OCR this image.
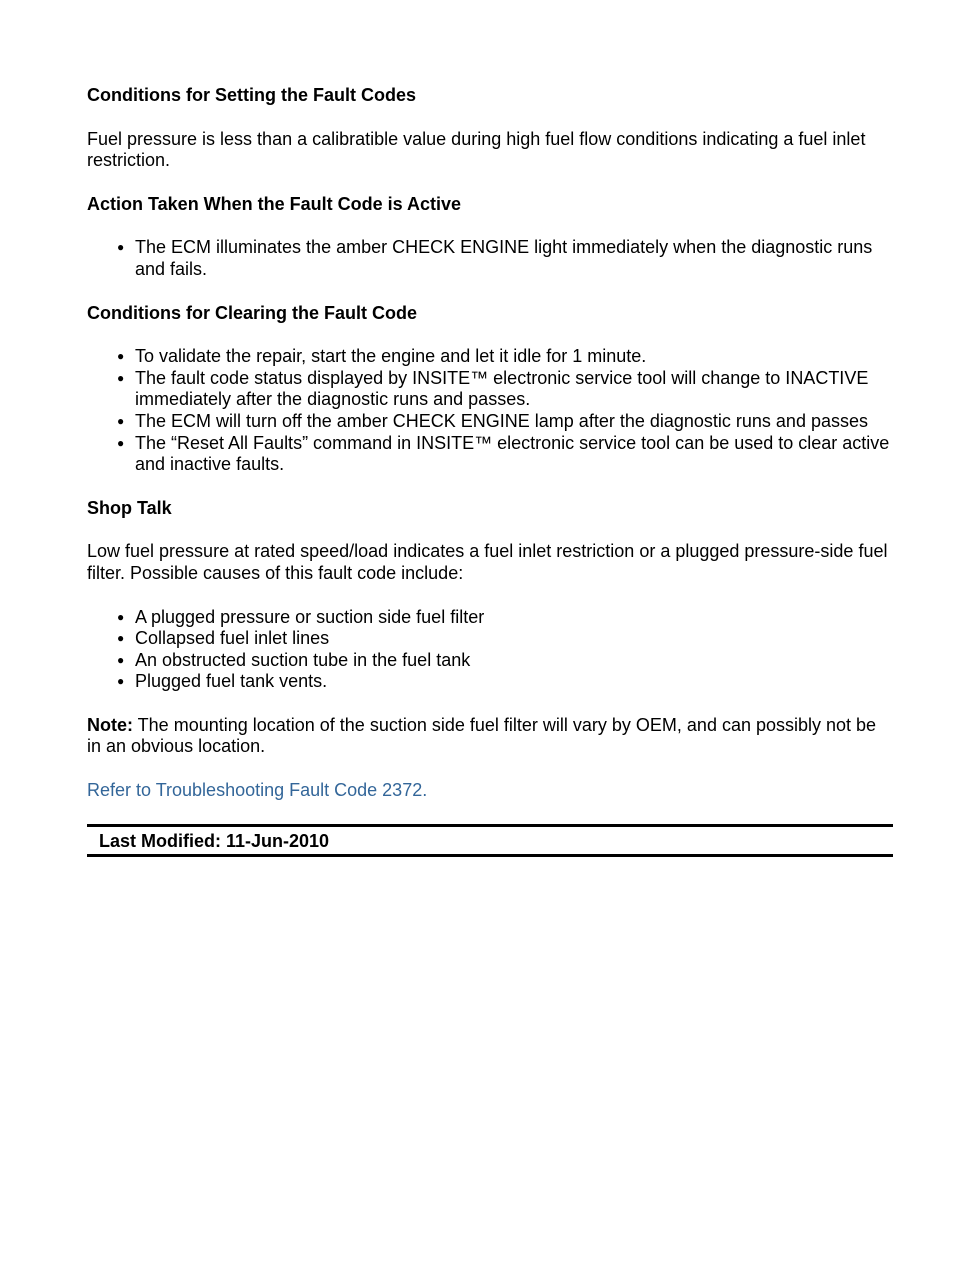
Conditions for Setting the Fault Codes

Fuel pressure is less than a calibratible value during high fuel flow conditions indicating a fuel inlet restriction.

Action Taken When the Fault Code is Active
● The ECM illuminates the amber CHECK ENGINE light immediately when the diagnostic runs and fails.
Conditions for Clearing the Fault Code
● To validate the repair, start the engine and let it idle for 1 minute.
● The fault code status displayed by INSITE™ electronic service tool will change to INACTIVE immediately after the diagnostic runs and passes.
● The ECM will turn off the amber CHECK ENGINE lamp after the diagnostic runs and passes
● The “Reset All Faults” command in INSITE™ electronic service tool can be used to clear active and inactive faults.
Shop Talk

Low fuel pressure at rated speed/load indicates a fuel inlet restriction or a plugged pressure-side fuel filter. Possible causes of this fault code include:

● A plugged pressure or suction side fuel filter
● Collapsed fuel inlet lines
● An obstructed suction tube in the fuel tank
● Plugged fuel tank vents.

Note: The mounting location of the suction side fuel filter will vary by OEM, and can possibly not be in an obvious location.

Refer to Troubleshooting Fault Code 2372.

Last Modified: 11-Jun-2010
